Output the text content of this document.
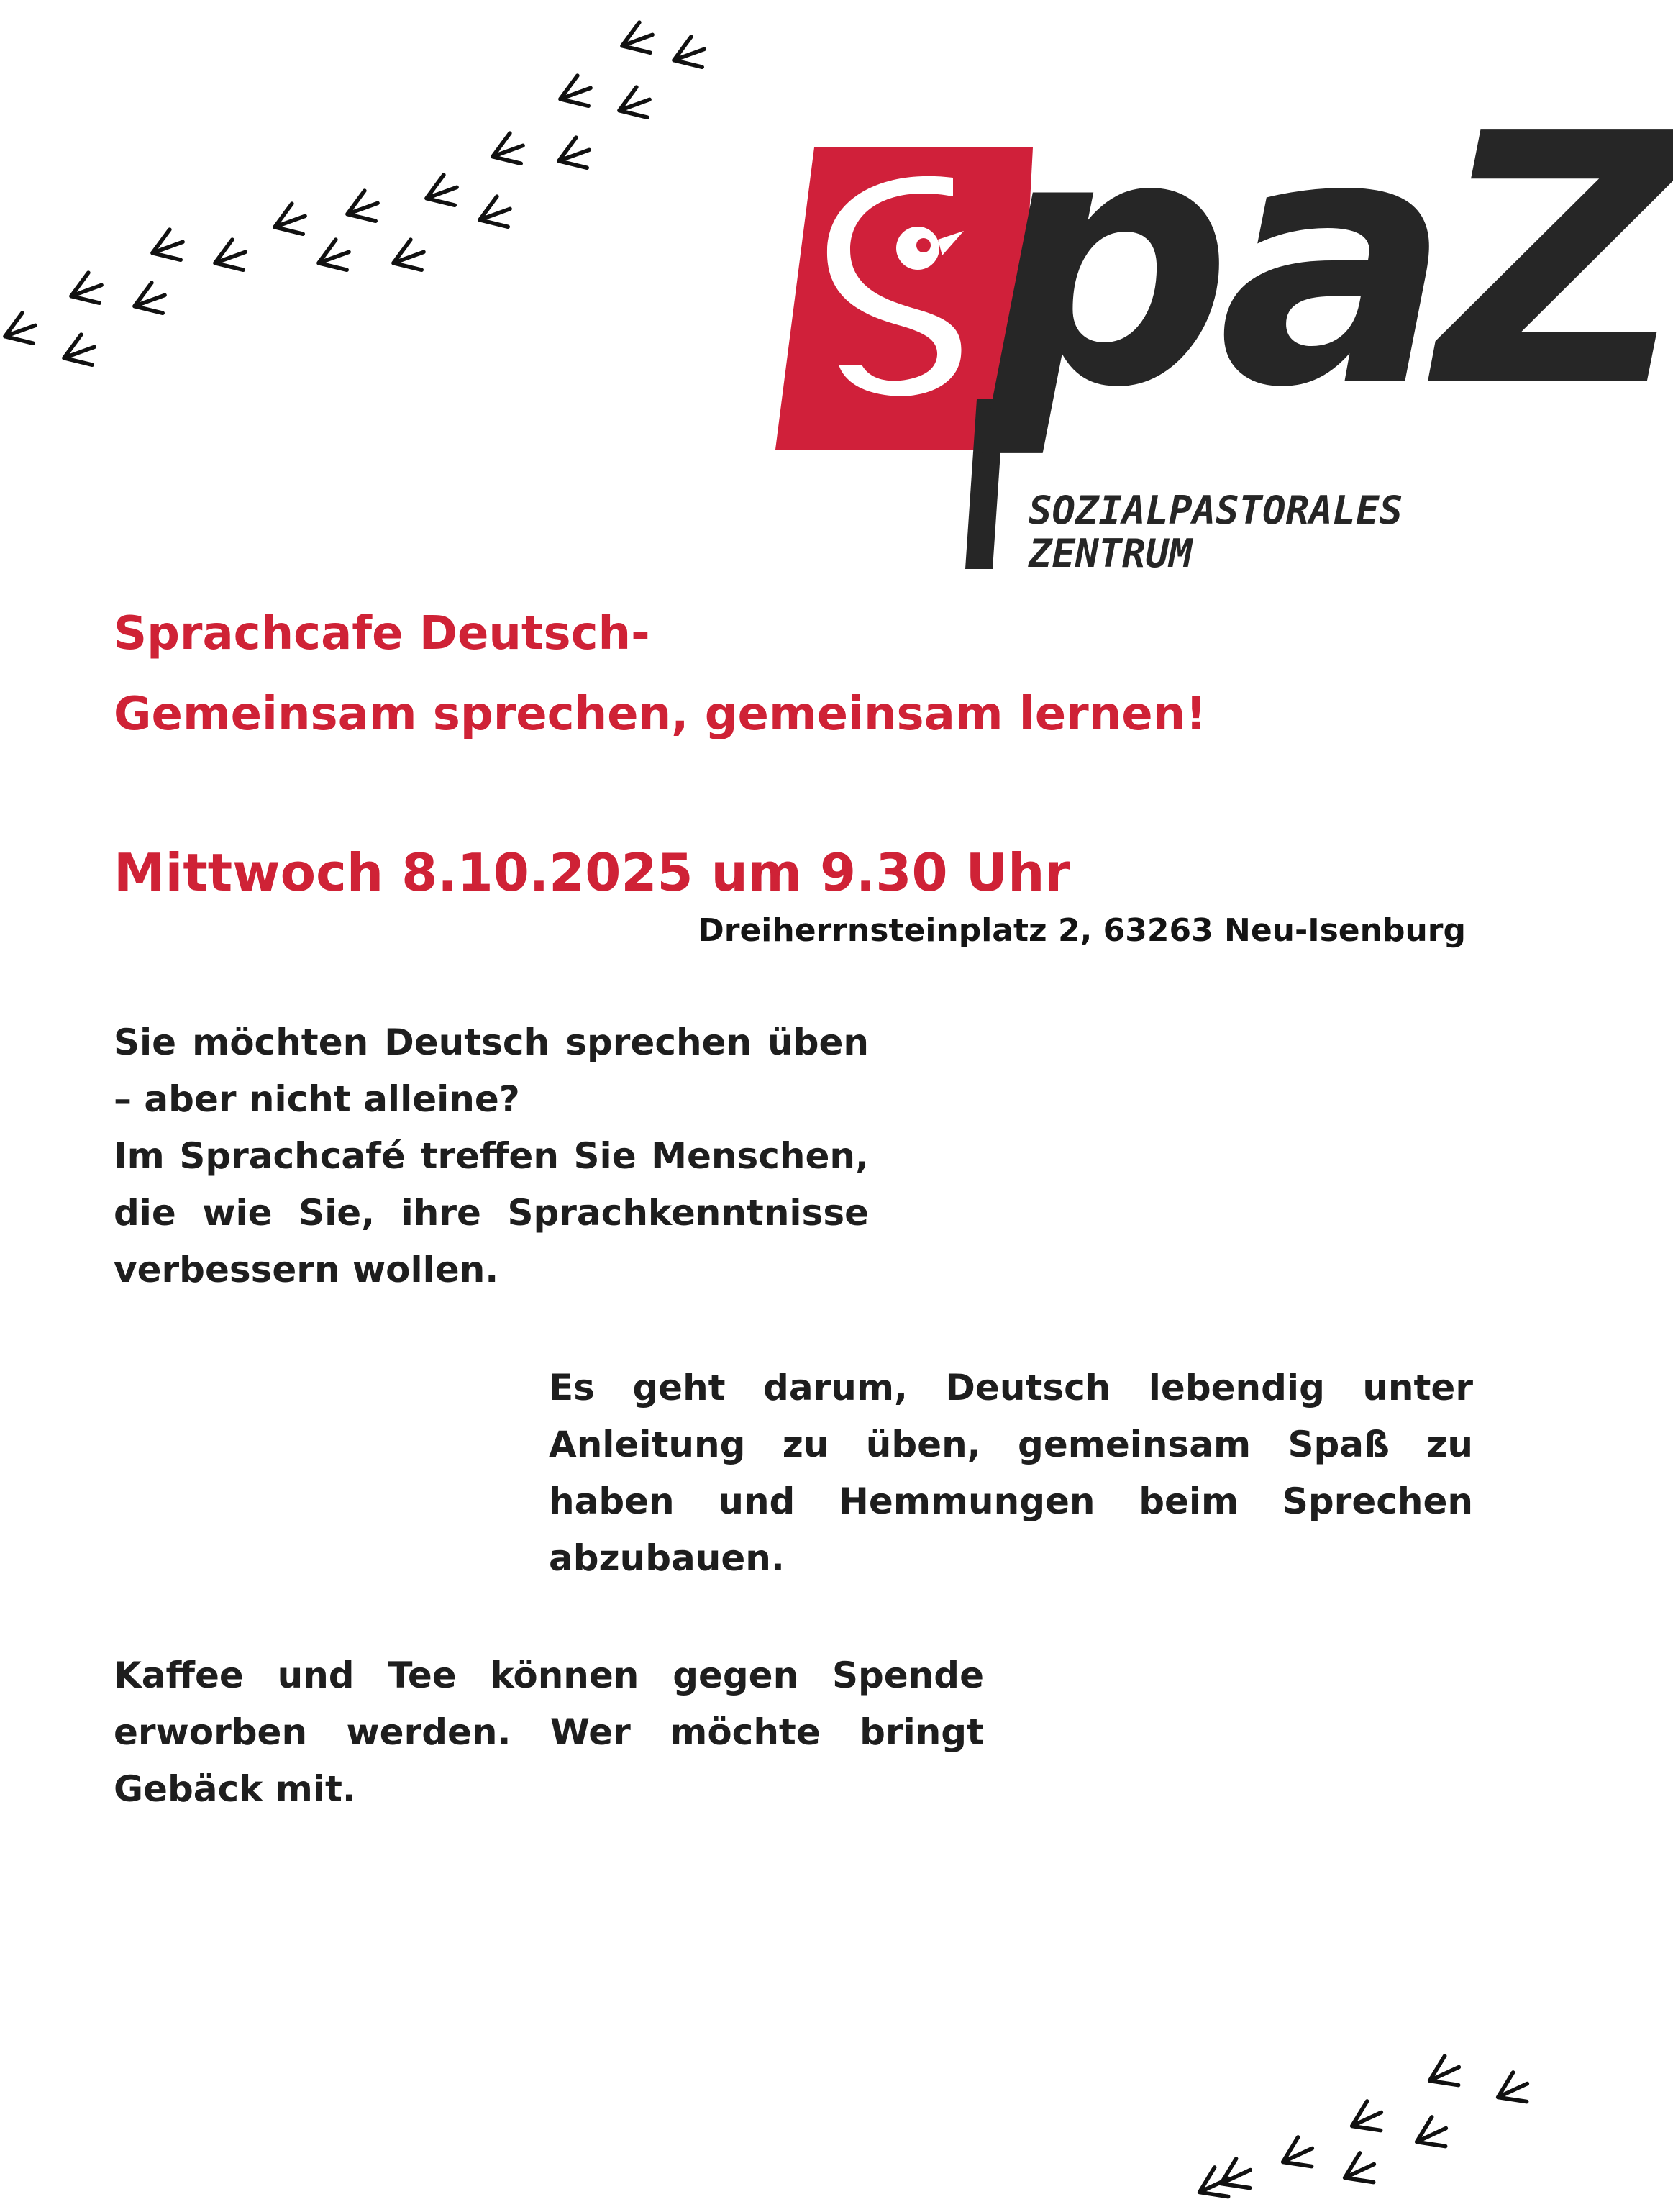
paZ
SOZIALPASTORALES
ZENTRUM
Sprachcafe Deutsch-
Gemeinsam sprechen, gemeinsam lernen!
Mittwoch 8.10.2025 um 9.30 Uhr
Dreiherrnsteinplatz 2, 63263 Neu-Isenburg
Sie möchten Deutsch sprechen üben
– aber nicht alleine?
Im Sprachcafé treffen Sie Menschen,
die wie Sie, ihre Sprachkenntnisse
verbessern wollen.
Es geht darum, Deutsch lebendig unter
Anleitung zu üben, gemeinsam Spaß zu
haben und Hemmungen beim Sprechen
abzubauen.
Kaffee und Tee können gegen Spende
erworben werden. Wer möchte bringt
Gebäck mit.
